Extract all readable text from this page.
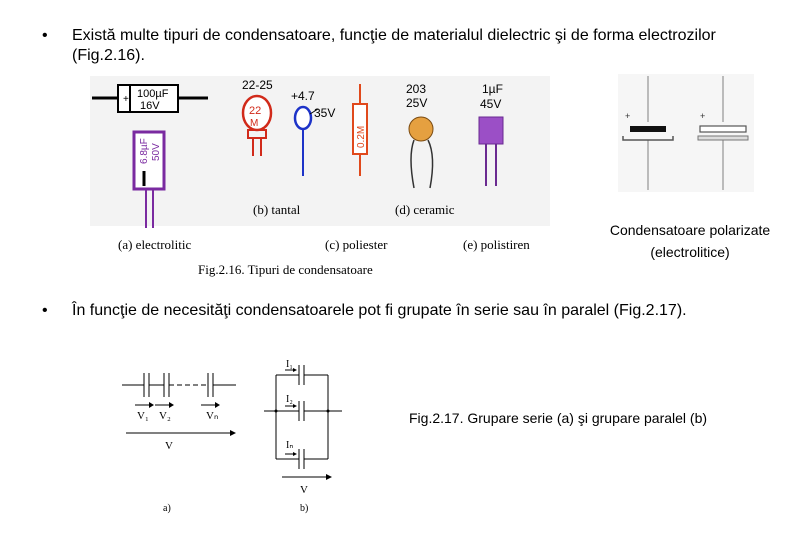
• Există multe tipuri de condensatoare, funcţie de materialul dielectric şi de forma electrozilor (Fig.2.16).
+ 100µF
16V
6.8µF 50V
22-25
22
M
+4.7
35V
0.2M
203
25V
1µF
45V
(b) tantal	(d) ceramic
(a) electrolitic	(c) poliester	(e) polistiren
Fig.2.16. Tipuri de condensatoare
+	+
Condensatoare polarizate
(electrolitice)
• În funcţie de necesităţi condensatoarele pot fi grupate în serie sau în paralel (Fig.2.17).
V₁ V₂	Vₙ
V
a)
I₁
I₂
Iₙ
V
b)
Fig.2.17. Grupare serie (a) şi grupare paralel (b)
